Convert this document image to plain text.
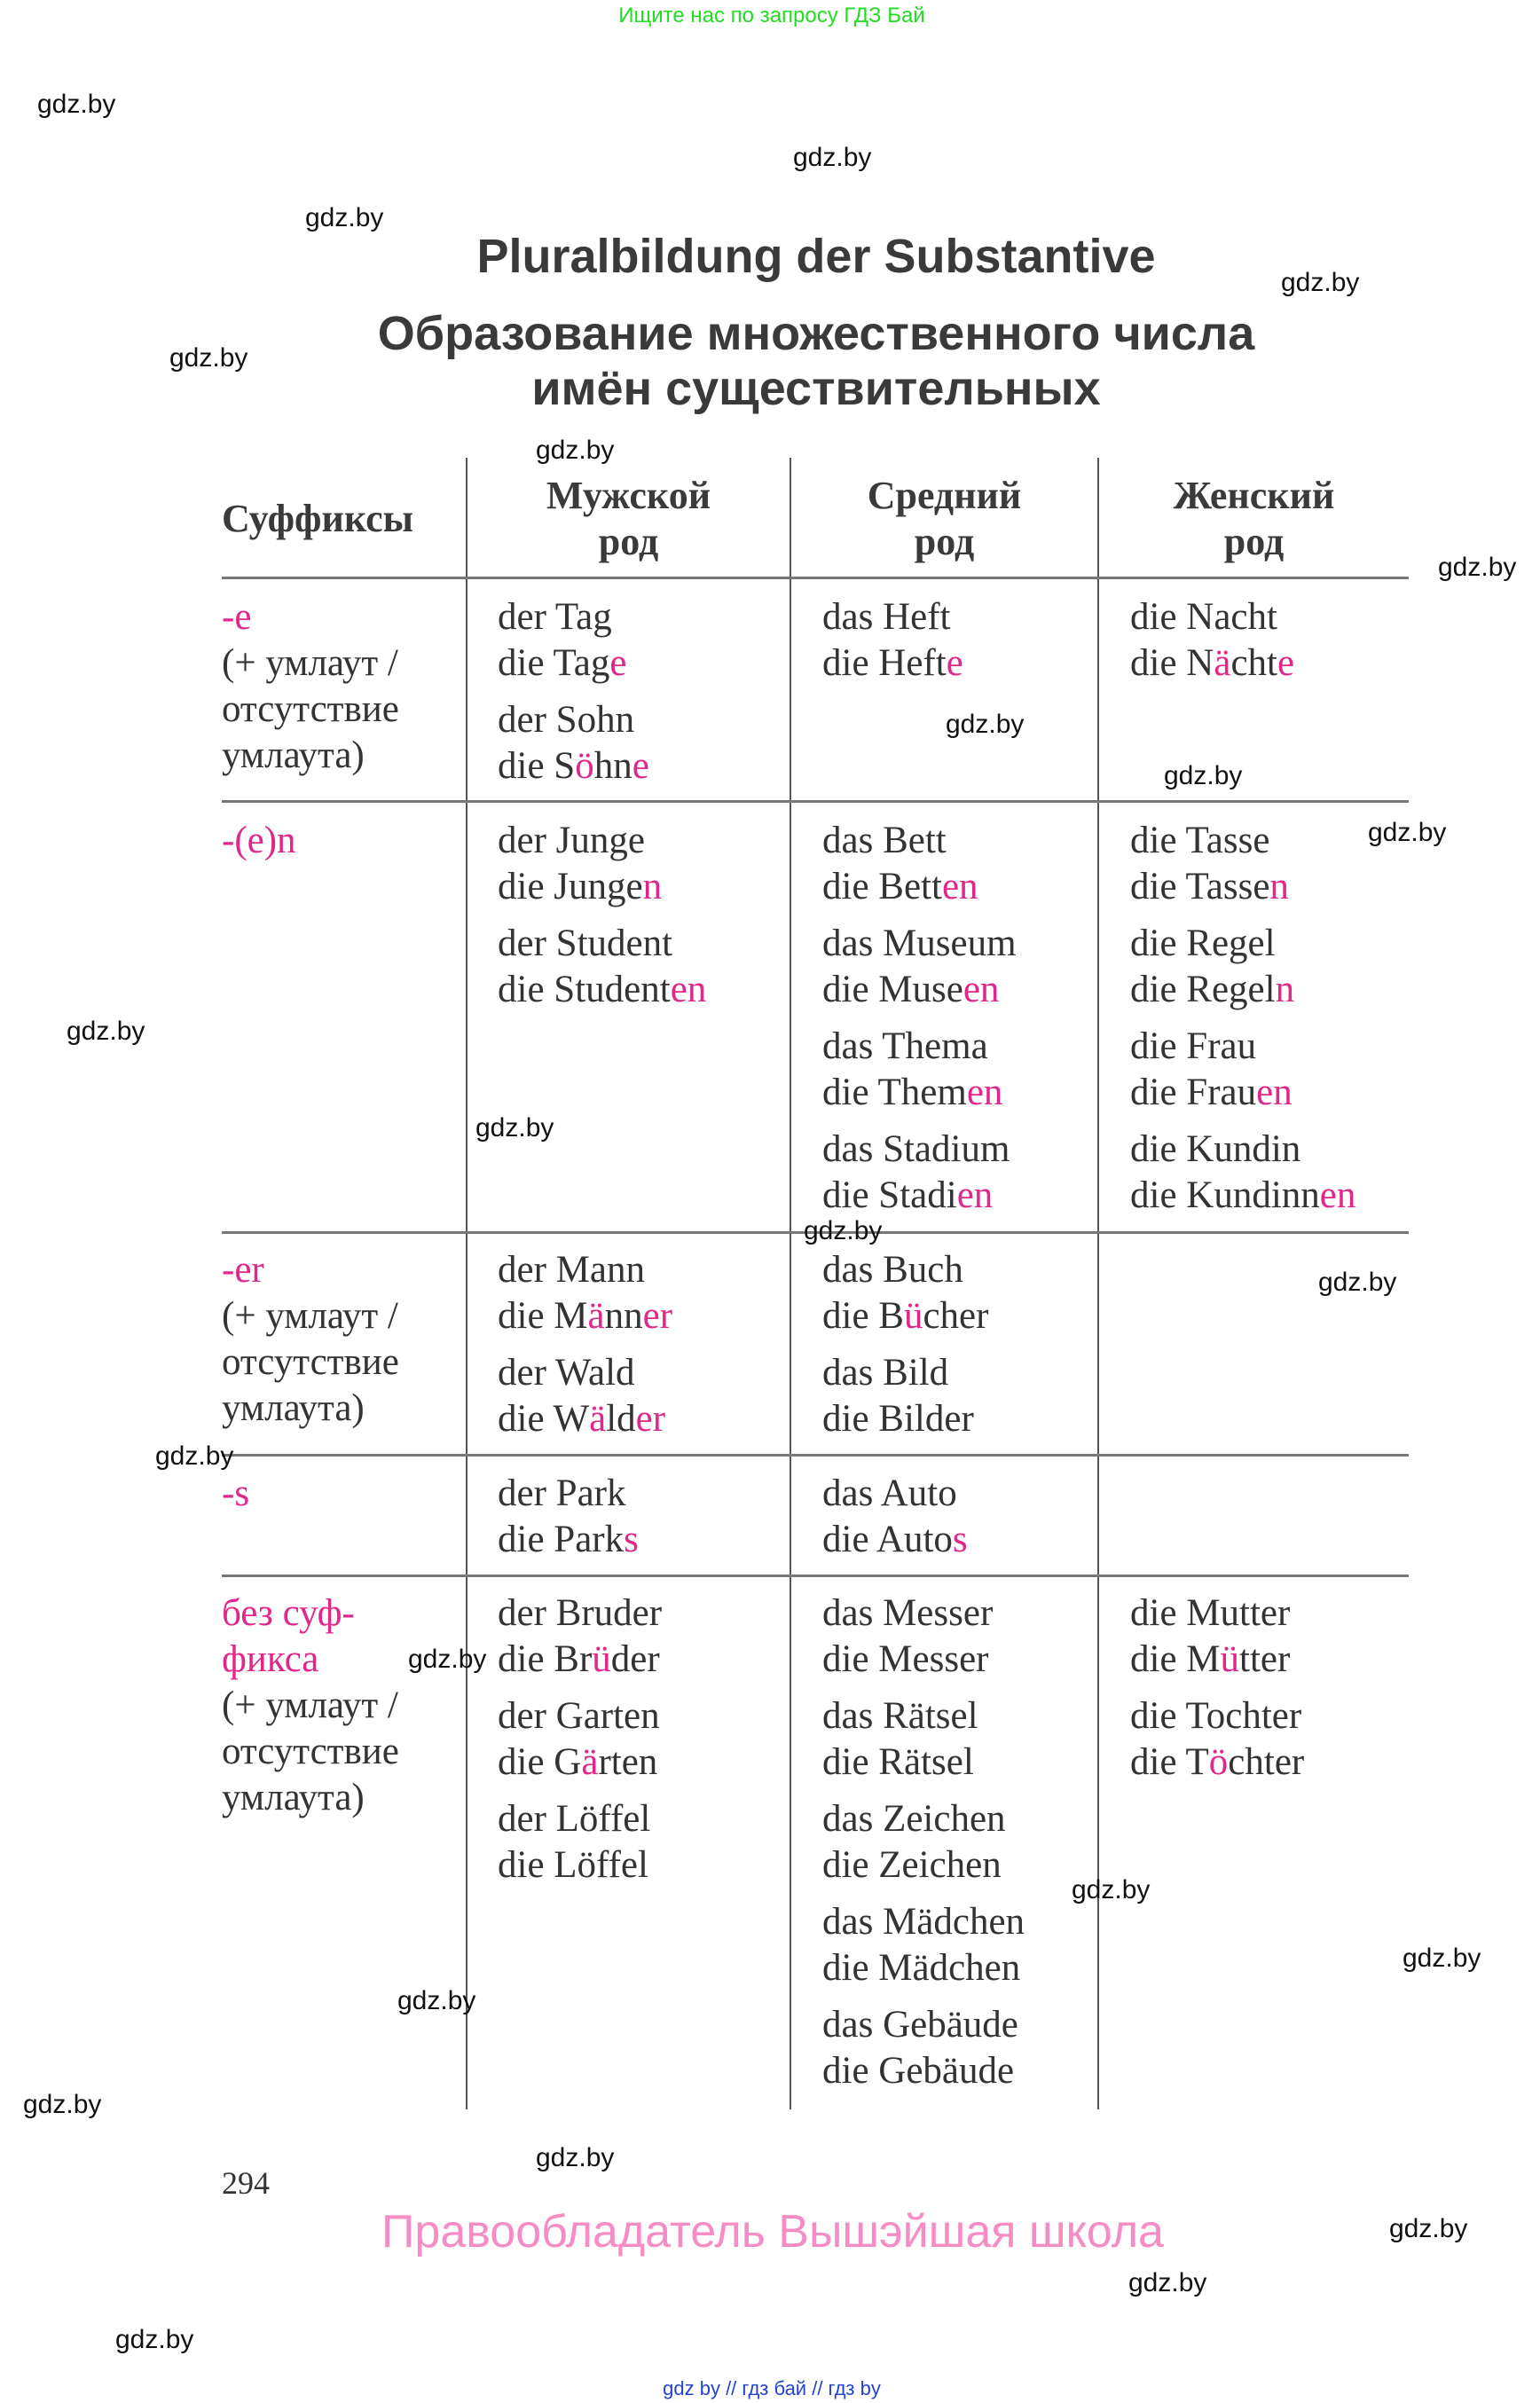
Ищите нас по запросу ГДЗ Бай
Pluralbildung der Substantive
Образование множественного числа
имён существительных
Суффиксы
Мужской
род
Средний
род
Женский
род
-e
(+ умлаут /
отсутствие
умлаута)
der Tag
die Tage
der Sohn
die Söhne
das Heft
die Hefte
die Nacht
die Nächte
-(e)n	der Junge
die Jungen
der Student
die Studenten
das Bett
die Betten
das Museum
die Museen
das Thema
die Themen
das Stadium
die Stadien
die Tasse
die Tassen
die Regel
die Regeln
die Frau
die Frauen
die Kundin
die Kundinnen
-er
(+ умлаут /
отсутствие
умлаута)
der Mann
die Männer
der Wald
die Wälder
das Buch
die Bücher
das Bild
die Bilder
-s	der Park
die Parks
das Auto
die Autos
без суф-
фикса
(+ умлаут /
отсутствие
умлаута)
der Bruder
die Brüder
der Garten
die Gärten
der Löffel
die Löffel
das Messer
die Messer
das Rätsel
die Rätsel
das Zeichen
die Zeichen
das Mädchen
die Mädchen
das Gebäude
die Gebäude
die Mutter
die Mütter
die Tochter
die Töchter
294
Правообладатель Вышэйшая школа
gdz by // гдз бай // гдз by
gdz.by
gdz.by
gdz.by
gdz.by
gdz.by
gdz.by
gdz.by
gdz.by
gdz.by
gdz.by
gdz.by
gdz.by
gdz.by
gdz.by
gdz.by
gdz.by
gdz.by
gdz.by
gdz.by
gdz.by
gdz.by
gdz.by
gdz.by
gdz.by
